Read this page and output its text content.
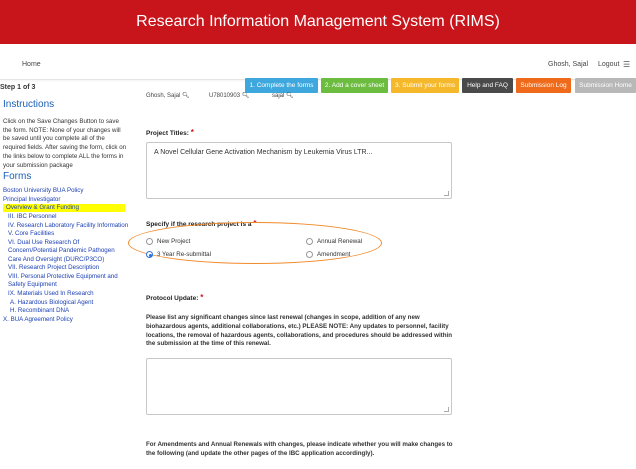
Research Information Management System (RIMS)
Home	Ghosh, Sajal Logout ☰
Step 1 of 3	1. Complete the forms	2. Add a cover sheet	3. Submit your forms	Help and FAQ	Submission Log	Submission Home
Instructions
Click on the Save Changes Button to save the form. NOTE: None of your changes will be saved until you complete all of the required fields. After saving the form, click on the links below to complete ALL the forms in your submission package
Forms
Boston University BUA Policy
Principal Investigator
Overview & Grant Funding
III. IBC Personnel
IV. Research Laboratory Facility Information
V. Core Facilities
VI. Dual Use Research Of
Concern/Potential Pandemic Pathogen
Care And Oversight (DURC/P3CO)
VII. Research Project Description
VIII. Personal Protective Equipment and
Safety Equipment
IX. Materials Used In Research
A. Hazardous Biological Agent
H. Recombinant DNA
X. BUA Agreement Policy
Ghosh, Sajal 🔍︎	U78010903 🔍︎	sajal 🔍︎
Project Titles: *
A Novel Cellular Gene Activation Mechanism by Leukemia Virus LTR...
Specify if the research project is a *
New Project
3 Year Re-submittal
Annual Renewal
Amendment
Protocol Update: *
Please list any significant changes since last renewal (changes in scope, addition of any new biohazardous agents, additional collaborations, etc.) PLEASE NOTE: Any updates to personnel, facility locations, the removal of hazardous agents, collaborations, and procedures should be addressed within the submission at the time of this renewal.
For Amendments and Annual Renewals with changes, please indicate whether you will make changes to the following (and update the other pages of the IBC application accordingly).
